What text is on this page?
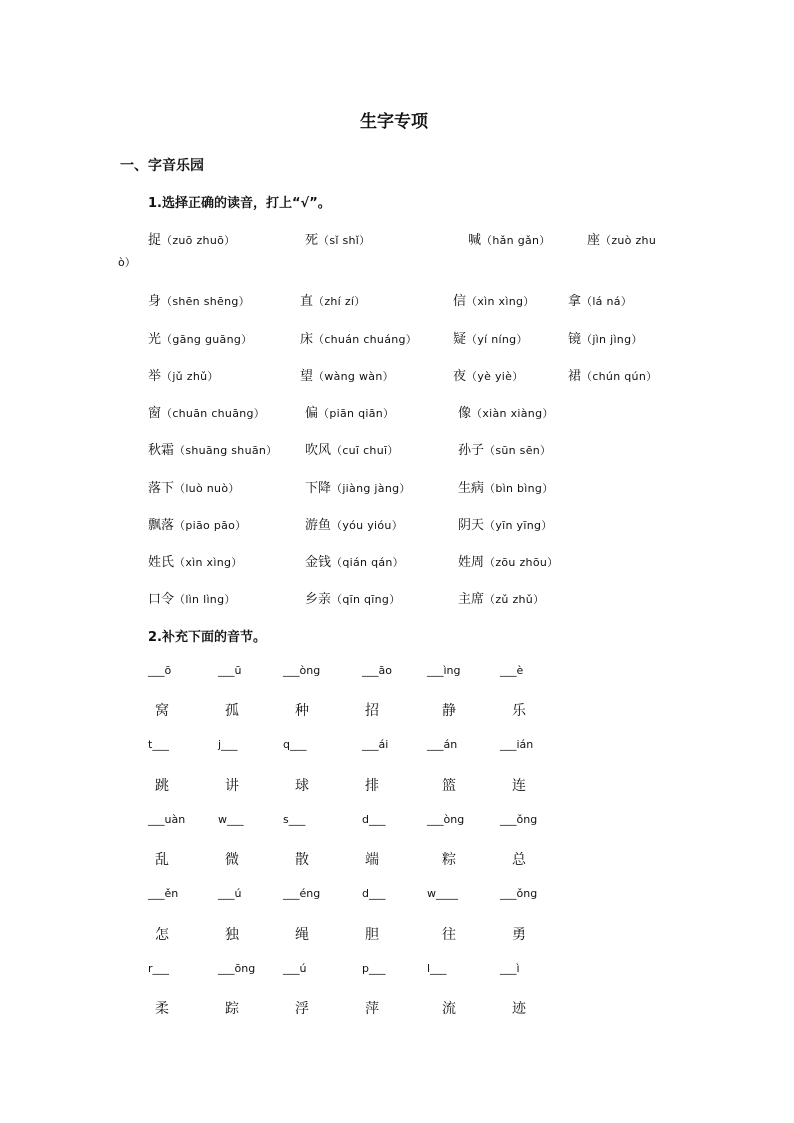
生字专项
一、字音乐园
1.选择正确的读音，打上“√”。
捉（zuō zhuō）	死（sǐ shǐ）	喊（hǎn gǎn）	座（zuò zhu
ò）
身（shēn shēng）	直（zhí zí）	信（xìn xìng）	拿（lá ná）
光（gāng guāng）	床（chuán chuáng）	疑（yí níng）	镜（jìn jìng）
举（jǔ zhǔ）	望（wàng wàn）	夜（yè yiè）	裙（chún qún）
窗（chuān chuāng）	偏（piān qiān）	像（xiàn xiàng）
秋霜（shuāng shuān） 吹风（cuī chuī）	孙子（sūn sēn）
落下（luò nuò）	下降（jiàng jàng）	生病（bìn bìng）
飘落（piāo pāo）	游鱼（yóu yióu）	阴天（yīn yīng）
姓氏（xìn xìng）	金钱（qián qán）	姓周（zōu zhōu）
口令（lìn lìng）	乡亲（qīn qīng）	主席（zǔ zhǔ）
2.补充下面的音节。
___ō	___ū	___òng	___āo	___ìng	___è
窝	孤	种	招	静	乐
t___	j___	q___	___ái	___án	___ián
跳	讲	球	排	篮	连
___uàn	w___	s___	d___	___òng	___ǒng
乱	微	散	端	粽	总
___ěn	___ú	___éng	d___	w____	___ǒng
怎	独	绳	胆	往	勇
r___	___ōng	___ú	p___	l___	___ì
柔	踪	浮	萍	流	迹
